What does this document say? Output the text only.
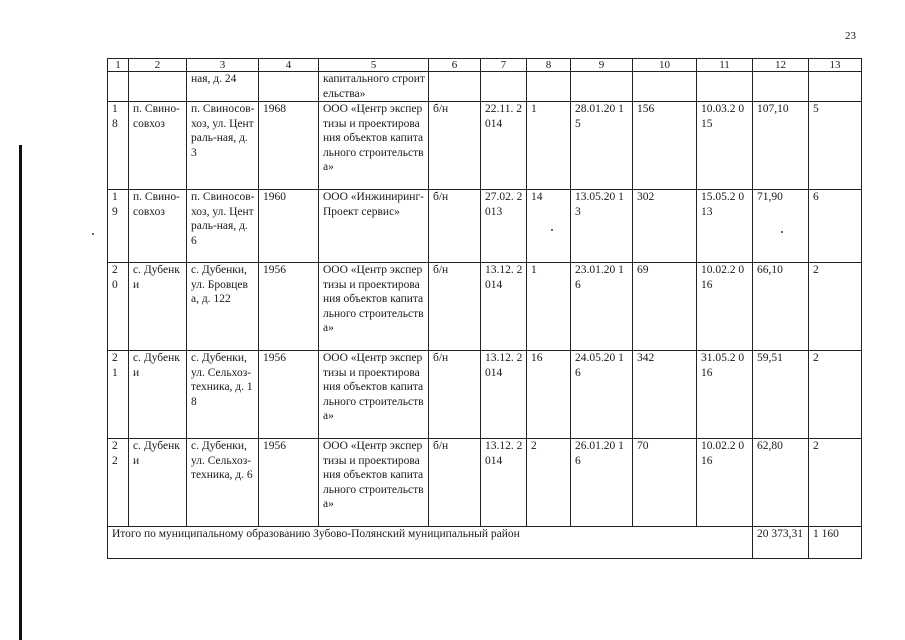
23
1	2	3	4	5	6	7	8	9	10	11	12	13
		ная, д. 24		капитального строительства»								
1 8	п. Свино-совхоз	п. Свиносов-хоз, ул. Централь-ная, д. 3	1968	ООО «Центр экспертизы и проектирования объектов капитального строительства»	б/н	22.11. 2014	1	28.01.20 15	156	10.03.2 015	107,10	5
1 9	п. Свино-совхоз	п. Свиносов-хоз, ул. Централь-ная, д. 6	1960	ООО «Инжиниринг-Проект сервис»	б/н	27.02. 2013	14	13.05.20 13	302	15.05.2 013	71,90	6
2 0	с. Дубенки	с. Дубенки, ул. Бровцева, д. 122	1956	ООО «Центр экспертизы и проектирования объектов капитального строительства»	б/н	13.12. 2014	1	23.01.20 16	69	10.02.2 016	66,10	2
2 1	с. Дубенки	с. Дубенки, ул. Сельхоз-техника, д. 18	1956	ООО «Центр экспертизы и проектирования объектов капитального строительства»	б/н	13.12. 2014	16	24.05.20 16	342	31.05.2 016	59,51	2
2 2	с. Дубенки	с. Дубенки, ул. Сельхоз-техника, д. 6	1956	ООО «Центр экспертизы и проектирования объектов капитального строительства»	б/н	13.12. 2014	2	26.01.20 16	70	10.02.2 016	62,80	2
Итого по муниципальному образованию Зубово-Полянский муниципальный район											20 373,31	1 160
